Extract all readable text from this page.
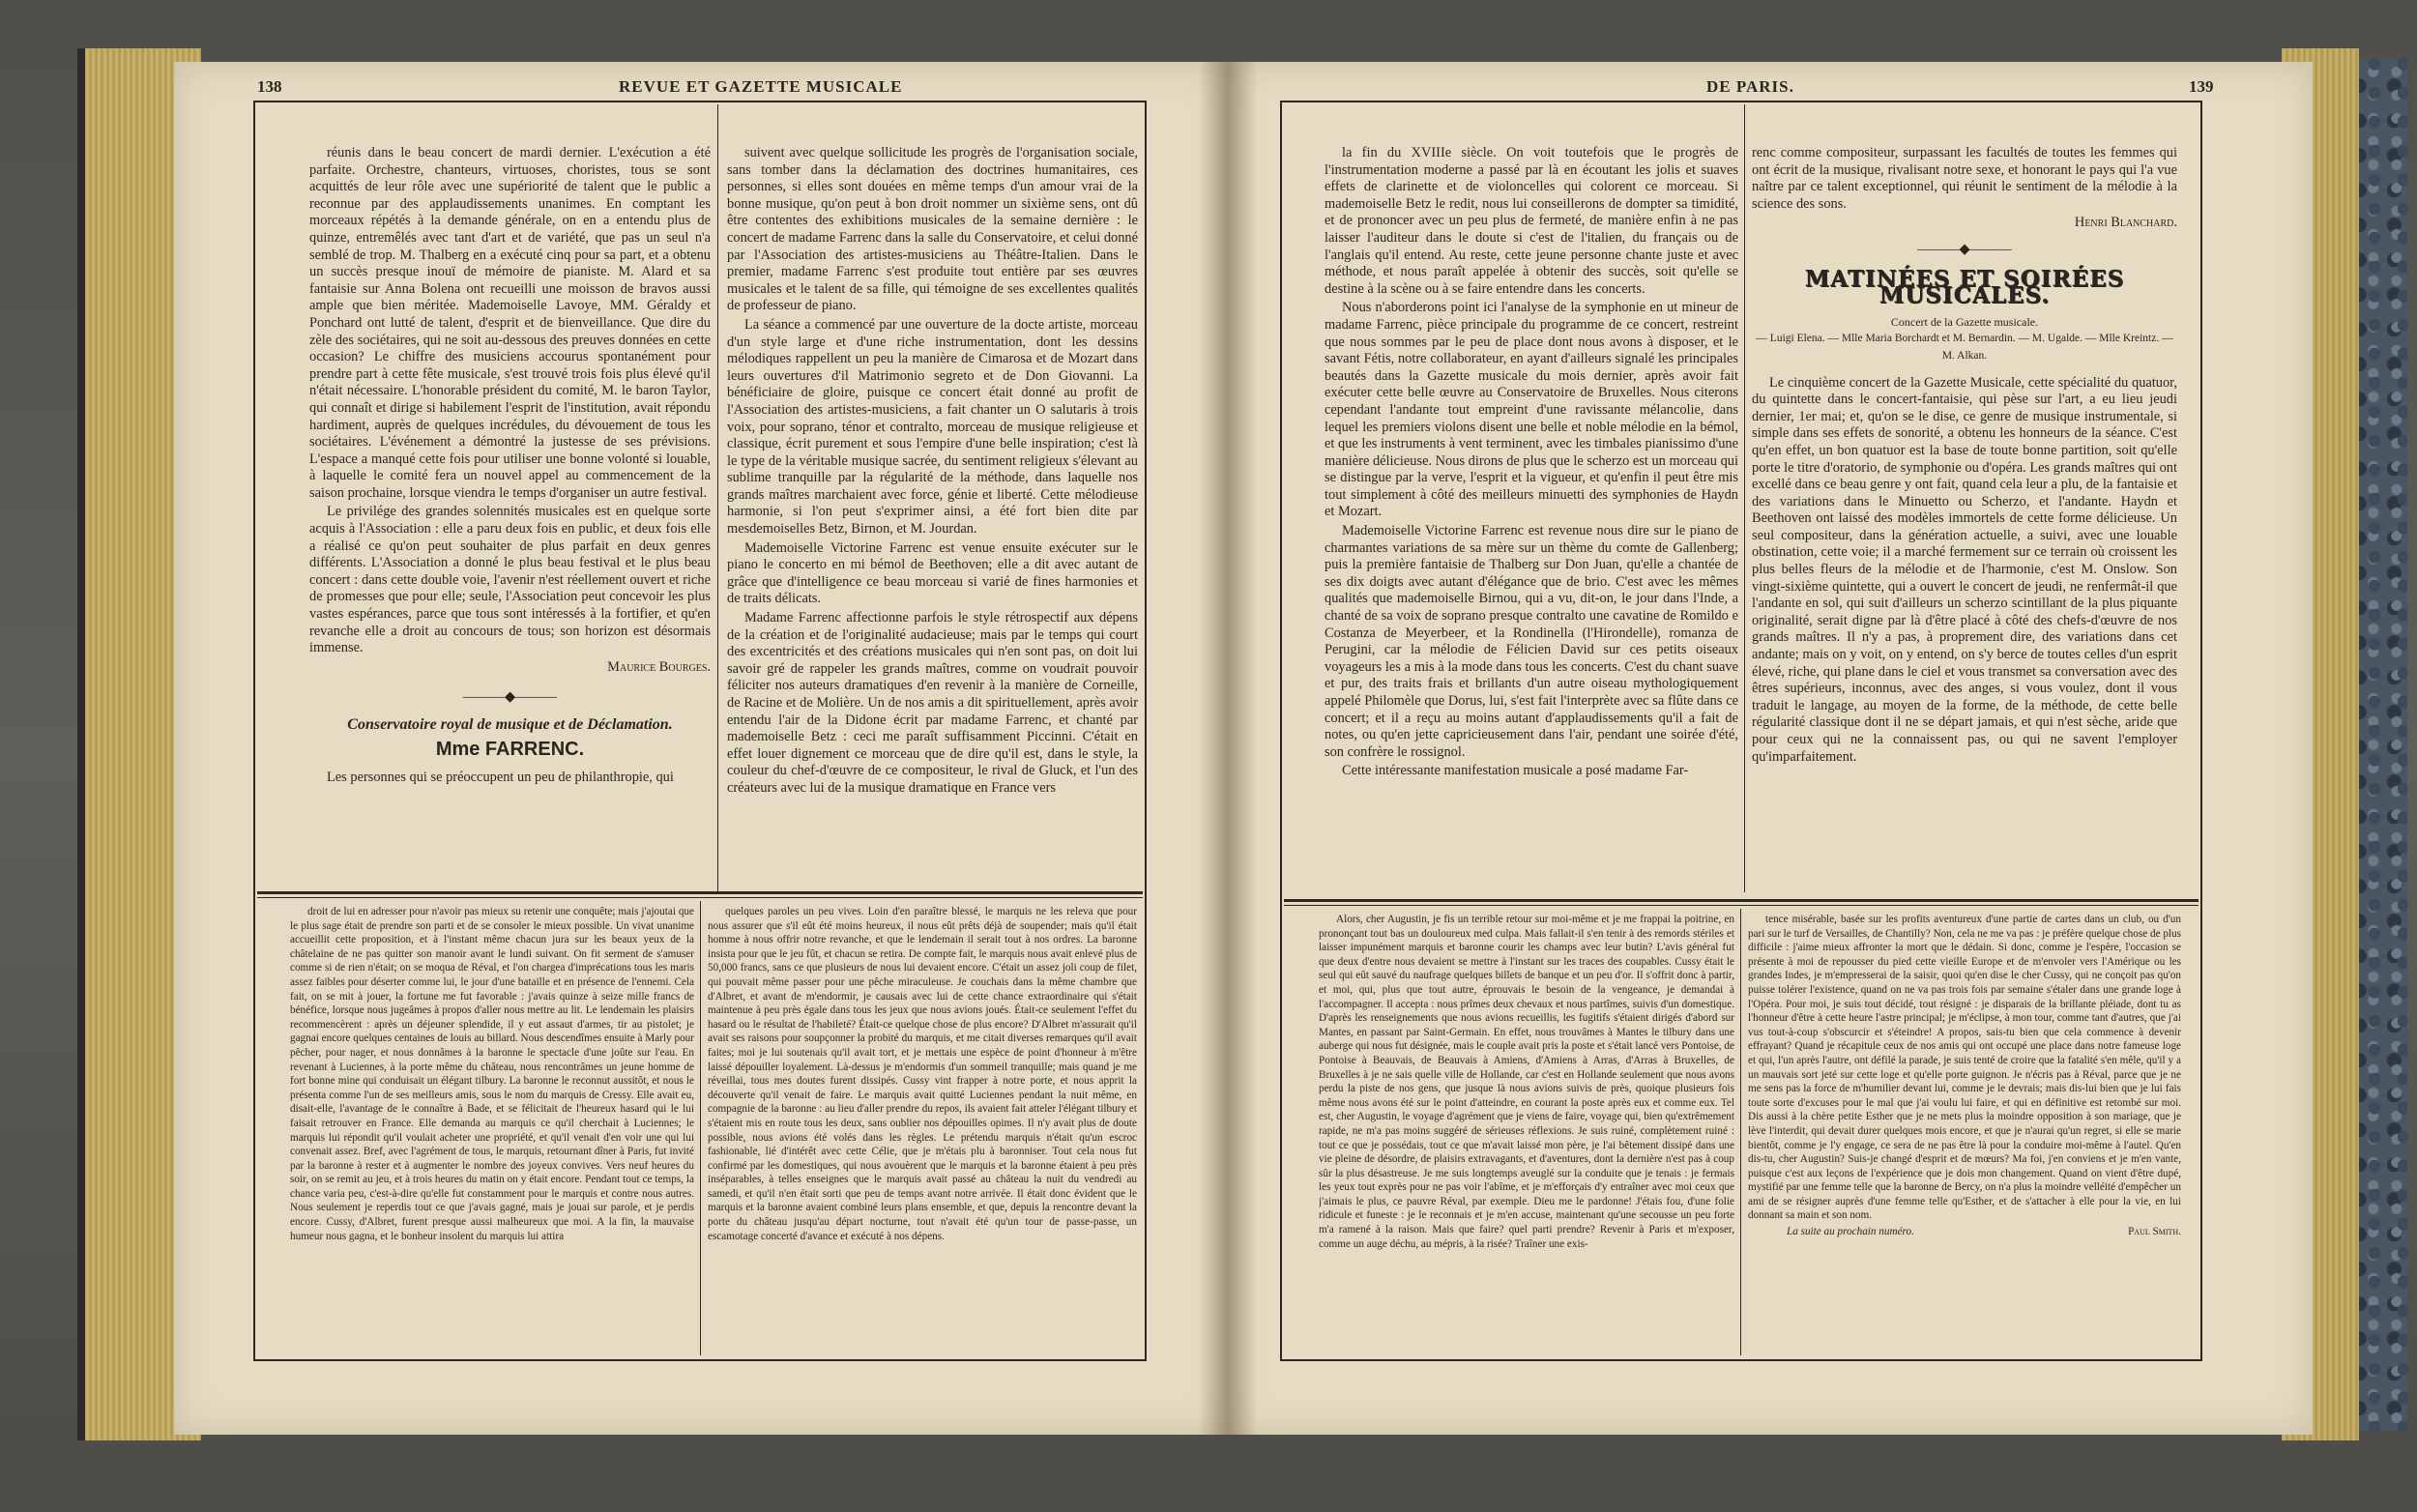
138	REVUE ET GAZETTE MUSICALE

réunis dans le beau concert de mardi dernier. L'exécution a été parfaite. Orchestre, chanteurs, virtuoses, choristes, tous se sont acquittés de leur rôle avec une supériorité de talent que le public a reconnue par des applaudissements unanimes. En comptant les morceaux répétés à la demande générale, on en a entendu plus de quinze, entremêlés avec tant d'art et de variété, que pas un seul n'a semblé de trop. M. Thalberg en a exécuté cinq pour sa part, et a obtenu un succès presque inouï de mémoire de pianiste. M. Alard et sa fantaisie sur Anna Bolena ont recueilli une moisson de bravos aussi ample que bien méritée. Mademoiselle Lavoye, MM. Géraldy et Ponchard ont lutté de talent, d'esprit et de bienveillance. Que dire du zèle des sociétaires, qui ne soit au-dessous des preuves données en cette occasion? Le chiffre des musiciens accourus spontanément pour prendre part à cette fête musicale, s'est trouvé trois fois plus élevé qu'il n'était nécessaire. L'honorable président du comité, M. le baron Taylor, qui connaît et dirige si habilement l'esprit de l'institution, avait répondu hardiment, auprès de quelques incrédules, du dévouement de tous les sociétaires. L'événement a démontré la justesse de ses prévisions. L'espace a manqué cette fois pour utiliser une bonne volonté si louable, à laquelle le comité fera un nouvel appel au commencement de la saison prochaine, lorsque viendra le temps d'organiser un autre festival.

Le privilége des grandes solennités musicales est en quelque sorte acquis à l'Association : elle a paru deux fois en public, et deux fois elle a réalisé ce qu'on peut souhaiter de plus parfait en deux genres différents. L'Association a donné le plus beau festival et le plus beau concert : dans cette double voie, l'avenir n'est réellement ouvert et riche de promesses que pour elle; seule, l'Association peut concevoir les plus vastes espérances, parce que tous sont intéressés à la fortifier, et qu'en revanche elle a droit au concours de tous; son horizon est désormais immense.

Maurice Bourges.
———◆———
Conservatoire royal de musique et de Déclamation.
Mme FARRENC.

Les personnes qui se préoccupent un peu de philanthropie, qui

suivent avec quelque sollicitude les progrès de l'organisation sociale, sans tomber dans la déclamation des doctrines humanitaires, ces personnes, si elles sont douées en même temps d'un amour vrai de la bonne musique, qu'on peut à bon droit nommer un sixième sens, ont dû être contentes des exhibitions musicales de la semaine dernière : le concert de madame Farrenc dans la salle du Conservatoire, et celui donné par l'Association des artistes-musiciens au Théâtre-Italien. Dans le premier, madame Farrenc s'est produite tout entière par ses œuvres musicales et le talent de sa fille, qui témoigne de ses excellentes qualités de professeur de piano.

La séance a commencé par une ouverture de la docte artiste, morceau d'un style large et d'une riche instrumentation, dont les dessins mélodiques rappellent un peu la manière de Cimarosa et de Mozart dans leurs ouvertures d'il Matrimonio segreto et de Don Giovanni. La bénéficiaire de gloire, puisque ce concert était donné au profit de l'Association des artistes-musiciens, a fait chanter un O salutaris à trois voix, pour soprano, ténor et contralto, morceau de musique religieuse et classique, écrit purement et sous l'empire d'une belle inspiration; c'est là le type de la véritable musique sacrée, du sentiment religieux s'élevant au sublime tranquille par la régularité de la méthode, dans laquelle nos grands maîtres marchaient avec force, génie et liberté. Cette mélodieuse harmonie, si l'on peut s'exprimer ainsi, a été fort bien dite par mesdemoiselles Betz, Birnon, et M. Jourdan.

Mademoiselle Victorine Farrenc est venue ensuite exécuter sur le piano le concerto en mi bémol de Beethoven; elle a dit avec autant de grâce que d'intelligence ce beau morceau si varié de fines harmonies et de traits délicats.

Madame Farrenc affectionne parfois le style rétrospectif aux dépens de la création et de l'originalité audacieuse; mais par le temps qui court des excentricités et des créations musicales qui n'en sont pas, on doit lui savoir gré de rappeler les grands maîtres, comme on voudrait pouvoir féliciter nos auteurs dramatiques d'en revenir à la manière de Corneille, de Racine et de Molière. Un de nos amis a dit spirituellement, après avoir entendu l'air de la Didone écrit par madame Farrenc, et chanté par mademoiselle Betz : ceci me paraît suffisamment Piccinni. C'était en effet louer dignement ce morceau que de dire qu'il est, dans le style, la couleur du chef-d'œuvre de ce compositeur, le rival de Gluck, et l'un des créateurs avec lui de la musique dramatique en France vers

droit de lui en adresser pour n'avoir pas mieux su retenir une conquête; mais j'ajoutai que le plus sage était de prendre son parti et de se consoler le mieux possible. Un vivat unanime accueillit cette proposition, et à l'instant même chacun jura sur les beaux yeux de la châtelaine de ne pas quitter son manoir avant le lundi suivant. On fit serment de s'amuser comme si de rien n'était; on se moqua de Réval, et l'on chargea d'imprécations tous les maris assez faibles pour déserter comme lui, le jour d'une bataille et en présence de l'ennemi. Cela fait, on se mit à jouer, la fortune me fut favorable : j'avais quinze à seize mille francs de bénéfice, lorsque nous jugeâmes à propos d'aller nous mettre au lit. Le lendemain les plaisirs recommencèrent : après un déjeuner splendide, il y eut assaut d'armes, tir au pistolet; je gagnai encore quelques centaines de louis au billard. Nous descendîmes ensuite à Marly pour pêcher, pour nager, et nous donnâmes à la baronne le spectacle d'une joûte sur l'eau. En revenant à Luciennes, à la porte même du château, nous rencontrâmes un jeune homme de fort bonne mine qui conduisait un élégant tilbury. La baronne le reconnut aussitôt, et nous le présenta comme l'un de ses meilleurs amis, sous le nom du marquis de Cressy. Elle avait eu, disait-elle, l'avantage de le connaître à Bade, et se félicitait de l'heureux hasard qui le lui faisait retrouver en France. Elle demanda au marquis ce qu'il cherchait à Luciennes; le marquis lui répondit qu'il voulait acheter une propriété, et qu'il venait d'en voir une qui lui convenait assez. Bref, avec l'agrément de tous, le marquis, retournant dîner à Paris, fut invité par la baronne à rester et à augmenter le nombre des joyeux convives. Vers neuf heures du soir, on se remit au jeu, et à trois heures du matin on y était encore. Pendant tout ce temps, la chance varia peu, c'est-à-dire qu'elle fut constamment pour le marquis et contre nous autres. Nous seulement je reperdis tout ce que j'avais gagné, mais je jouai sur parole, et je perdis encore. Cussy, d'Albret, furent presque aussi malheureux que moi. A la fin, la mauvaise humeur nous gagna, et le bonheur insolent du marquis lui attira

quelques paroles un peu vives. Loin d'en paraître blessé, le marquis ne les releva que pour nous assurer que s'il eût été moins heureux, il nous eût prêts déjà de soupender; mais qu'il était homme à nous offrir notre revanche, et que le lendemain il serait tout à nos ordres. La baronne insista pour que le jeu fût, et chacun se retira. De compte fait, le marquis nous avait enlevé plus de 50,000 francs, sans ce que plusieurs de nous lui devaient encore. C'était un assez joli coup de filet, qui pouvait même passer pour une pêche miraculeuse. Je couchais dans la même chambre que d'Albret, et avant de m'endormir, je causais avec lui de cette chance extraordinaire qui s'était maintenue à peu près égale dans tous les jeux que nous avions joués. Était-ce seulement l'effet du hasard ou le résultat de l'habileté? Était-ce quelque chose de plus encore? D'Albret m'assurait qu'il avait ses raisons pour soupçonner la probité du marquis, et me citait diverses remarques qu'il avait faites; moi je lui soutenais qu'il avait tort, et je mettais une espèce de point d'honneur à m'être laissé dépouiller loyalement. Là-dessus je m'endormis d'un sommeil tranquille; mais quand je me réveillai, tous mes doutes furent dissipés. Cussy vint frapper à notre porte, et nous apprit la découverte qu'il venait de faire. Le marquis avait quitté Luciennes pendant la nuit même, en compagnie de la baronne : au lieu d'aller prendre du repos, ils avaient fait atteler l'élégant tilbury et s'étaient mis en route tous les deux, sans oublier nos dépouilles opimes. Il n'y avait plus de doute possible, nous avions été volés dans les règles. Le prétendu marquis n'était qu'un escroc fashionable, lié d'intérêt avec cette Célie, que je m'étais plu à baronniser. Tout cela nous fut confirmé par les domestiques, qui nous avouèrent que le marquis et la baronne étaient à peu près inséparables, à telles enseignes que le marquis avait passé au château la nuit du vendredi au samedi, et qu'il n'en était sorti que peu de temps avant notre arrivée. Il était donc évident que le marquis et la baronne avaient combiné leurs plans ensemble, et que, depuis la rencontre devant la porte du château jusqu'au départ nocturne, tout n'avait été qu'un tour de passe-passe, un escamotage concerté d'avance et exécuté à nos dépens.

DE PARIS.	139

la fin du XVIIIe siècle. On voit toutefois que le progrès de l'instrumentation moderne a passé par là en écoutant les jolis et suaves effets de clarinette et de violoncelles qui colorent ce morceau. Si mademoiselle Betz le redit, nous lui conseillerons de dompter sa timidité, et de prononcer avec un peu plus de fermeté, de manière enfin à ne pas laisser l'auditeur dans le doute si c'est de l'italien, du français ou de l'anglais qu'il entend. Au reste, cette jeune personne chante juste et avec méthode, et nous paraît appelée à obtenir des succès, soit qu'elle se destine à la scène ou à se faire entendre dans les concerts.

Nous n'aborderons point ici l'analyse de la symphonie en ut mineur de madame Farrenc, pièce principale du programme de ce concert, restreint que nous sommes par le peu de place dont nous avons à disposer, et le savant Fétis, notre collaborateur, en ayant d'ailleurs signalé les principales beautés dans la Gazette musicale du mois dernier, après avoir fait exécuter cette belle œuvre au Conservatoire de Bruxelles. Nous citerons cependant l'andante tout empreint d'une ravissante mélancolie, dans lequel les premiers violons disent une belle et noble mélodie en la bémol, et que les instruments à vent terminent, avec les timbales pianissimo d'une manière délicieuse. Nous dirons de plus que le scherzo est un morceau qui se distingue par la verve, l'esprit et la vigueur, et qu'enfin il peut être mis tout simplement à côté des meilleurs minuetti des symphonies de Haydn et Mozart.

Mademoiselle Victorine Farrenc est revenue nous dire sur le piano de charmantes variations de sa mère sur un thème du comte de Gallenberg; puis la première fantaisie de Thalberg sur Don Juan, qu'elle a chantée de ses dix doigts avec autant d'élégance que de brio. C'est avec les mêmes qualités que mademoiselle Birnou, qui a vu, dit-on, le jour dans l'Inde, a chanté de sa voix de soprano presque contralto une cavatine de Romildo e Costanza de Meyerbeer, et la Rondinella (l'Hirondelle), romanza de Perugini, car la mélodie de Félicien David sur ces petits oiseaux voyageurs les a mis à la mode dans tous les concerts. C'est du chant suave et pur, des traits frais et brillants d'un autre oiseau mythologiquement appelé Philomèle que Dorus, lui, s'est fait l'interprète avec sa flûte dans ce concert; et il a reçu au moins autant d'applaudissements qu'il a fait de notes, ou qu'en jette capricieusement dans l'air, pendant une soirée d'été, son confrère le rossignol.

Cette intéressante manifestation musicale a posé madame Far-

renc comme compositeur, surpassant les facultés de toutes les femmes qui ont écrit de la musique, rivalisant notre sexe, et honorant le pays qui l'a vue naître par ce talent exceptionnel, qui réunit le sentiment de la mélodie à la science des sons.

Henri Blanchard.
———◆———
MATINÉES ET SOIRÉES MUSICALES.
Concert de la Gazette musicale.
— Luigi Elena. — Mlle Maria Borchardt et M. Bernardin. — M. Ugalde. — Mlle Kreintz. —
M. Alkan.

Le cinquième concert de la Gazette Musicale, cette spécialité du quatuor, du quintette dans le concert-fantaisie, qui pèse sur l'art, a eu lieu jeudi dernier, 1er mai; et, qu'on se le dise, ce genre de musique instrumentale, si simple dans ses effets de sonorité, a obtenu les honneurs de la séance. C'est qu'en effet, un bon quatuor est la base de toute bonne partition, soit qu'elle porte le titre d'oratorio, de symphonie ou d'opéra. Les grands maîtres qui ont excellé dans ce beau genre y ont fait, quand cela leur a plu, de la fantaisie et des variations dans le Minuetto ou Scherzo, et l'andante. Haydn et Beethoven ont laissé des modèles immortels de cette forme délicieuse. Un seul compositeur, dans la génération actuelle, a suivi, avec une louable obstination, cette voie; il a marché fermement sur ce terrain où croissent les plus belles fleurs de la mélodie et de l'harmonie, c'est M. Onslow. Son vingt-sixième quintette, qui a ouvert le concert de jeudi, ne renfermât-il que l'andante en sol, qui suit d'ailleurs un scherzo scintillant de la plus piquante originalité, serait digne par là d'être placé à côté des chefs-d'œuvre de nos grands maîtres. Il n'y a pas, à proprement dire, des variations dans cet andante; mais on y voit, on y entend, on s'y berce de toutes celles d'un esprit élevé, riche, qui plane dans le ciel et vous transmet sa conversation avec des êtres supérieurs, inconnus, avec des anges, si vous voulez, dont il vous traduit le langage, au moyen de la forme, de la méthode, de cette belle régularité classique dont il ne se départ jamais, et qui n'est sèche, aride que pour ceux qui ne la connaissent pas, ou qui ne savent l'employer qu'imparfaitement.

Alors, cher Augustin, je fis un terrible retour sur moi-même et je me frappai la poitrine, en prononçant tout bas un douloureux med culpa. Mais fallait-il s'en tenir à des remords stériles et laisser impunément marquis et baronne courir les champs avec leur butin? L'avis général fut que deux d'entre nous devaient se mettre à l'instant sur les traces des coupables. Cussy était le seul qui eût sauvé du naufrage quelques billets de banque et un peu d'or. Il s'offrit donc à partir, et moi, qui, plus que tout autre, éprouvais le besoin de la vengeance, je demandai à l'accompagner. Il accepta : nous prîmes deux chevaux et nous partîmes, suivis d'un domestique. D'après les renseignements que nous avions recueillis, les fugitifs s'étaient dirigés d'abord sur Mantes, en passant par Saint-Germain. En effet, nous trouvâmes à Mantes le tilbury dans une auberge qui nous fut désignée, mais le couple avait pris la poste et s'était lancé vers Pontoise, de Pontoise à Beauvais, de Beauvais à Amiens, d'Amiens à Arras, d'Arras à Bruxelles, de Bruxelles à je ne sais quelle ville de Hollande, car c'est en Hollande seulement que nous avons perdu la piste de nos gens, que jusque là nous avions suivis de près, quoique plusieurs fois même nous avons été sur le point d'atteindre, en courant la poste après eux et comme eux. Tel est, cher Augustin, le voyage d'agrément que je viens de faire, voyage qui, bien qu'extrêmement rapide, ne m'a pas moins suggéré de sérieuses réflexions. Je suis ruiné, complètement ruiné : tout ce que je possédais, tout ce que m'avait laissé mon père, je l'ai bêtement dissipé dans une vie pleine de désordre, de plaisirs extravagants, et d'aventures, dont la dernière n'est pas à coup sûr la plus désastreuse. Je me suis longtemps aveuglé sur la conduite que je tenais : je fermais les yeux tout exprès pour ne pas voir l'abîme, et je m'efforçais d'y entraîner avec moi ceux que j'aimais le plus, ce pauvre Réval, par exemple. Dieu me le pardonne! J'étais fou, d'une folie ridicule et funeste : je le reconnais et je m'en accuse, maintenant qu'une secousse un peu forte m'a ramené à la raison. Mais que faire? quel parti prendre? Revenir à Paris et m'exposer, comme un auge déchu, au mépris, à la risée? Traîner une exis-

tence misérable, basée sur les profits aventureux d'une partie de cartes dans un club, ou d'un pari sur le turf de Versailles, de Chantilly? Non, cela ne me va pas : je préfère quelque chose de plus difficile : j'aime mieux affronter la mort que le dédain. Si donc, comme je l'espère, l'occasion se présente à moi de repousser du pied cette vieille Europe et de m'envoler vers l'Amérique ou les grandes Indes, je m'empresserai de la saisir, quoi qu'en dise le cher Cussy, qui ne conçoit pas qu'on puisse tolérer l'existence, quand on ne va pas trois fois par semaine s'étaler dans une grande loge à l'Opéra. Pour moi, je suis tout décidé, tout résigné : je disparais de la brillante pléiade, dont tu as l'honneur d'être à cette heure l'astre principal; je m'éclipse, à mon tour, comme tant d'autres, que j'ai vus tout-à-coup s'obscurcir et s'éteindre! A propos, sais-tu bien que cela commence à devenir effrayant? Quand je récapitule ceux de nos amis qui ont occupé une place dans notre fameuse loge et qui, l'un après l'autre, ont défilé la parade, je suis tenté de croire que la fatalité s'en mêle, qu'il y a un mauvais sort jeté sur cette loge et qu'elle porte guignon. Je n'écris pas à Réval, parce que je ne me sens pas la force de m'humilier devant lui, comme je le devrais; mais dis-lui bien que je lui fais toute sorte d'excuses pour le mal que j'ai voulu lui faire, et qui en définitive est retombé sur moi. Dis aussi à la chère petite Esther que je ne mets plus la moindre opposition à son mariage, que je lève l'interdit, qui devait durer quelques mois encore, et que je n'aurai qu'un regret, si elle se marie bientôt, comme je l'y engage, ce sera de ne pas être là pour la conduire moi-même à l'autel. Qu'en dis-tu, cher Augustin? Suis-je changé d'esprit et de mœurs? Ma foi, j'en conviens et je m'en vante, puisque c'est aux leçons de l'expérience que je dois mon changement. Quand on vient d'être dupé, mystifié par une femme telle que la baronne de Bercy, on n'a plus la moindre velléité d'empêcher un ami de se résigner auprès d'une femme telle qu'Esther, et de s'attacher à elle pour la vie, en lui donnant sa main et son nom.

La suite au prochain numéro.	Paul Smith.
